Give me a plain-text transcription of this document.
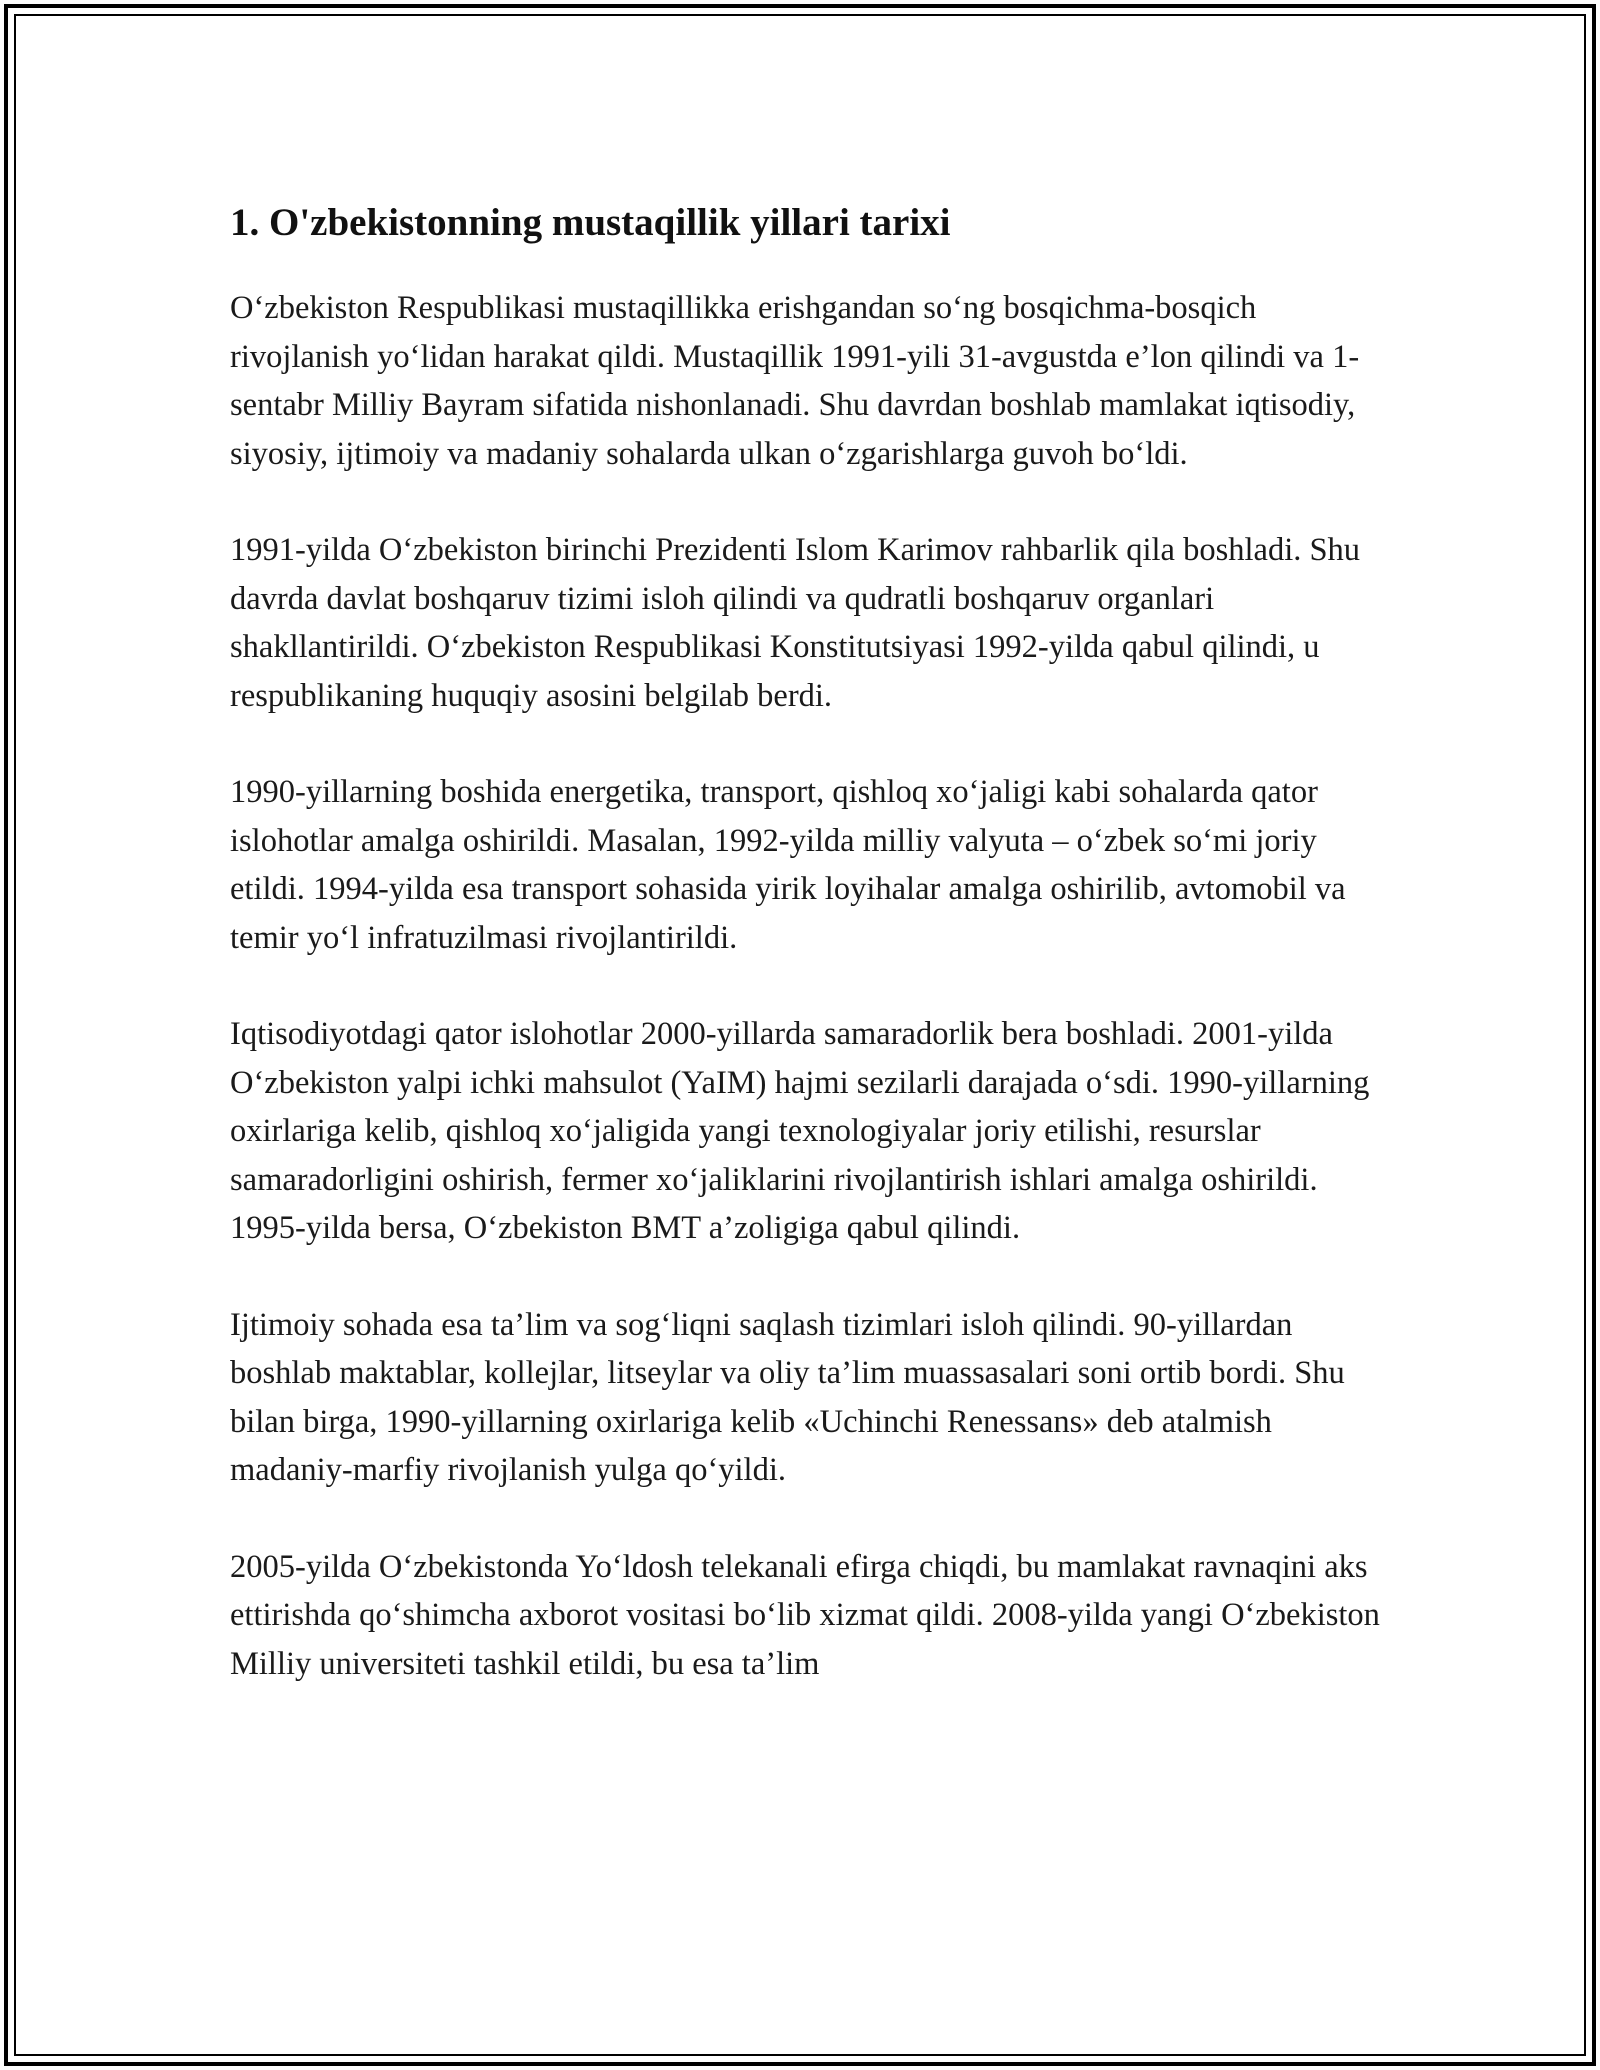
1. O'zbekistonning mustaqillik yillari tarixi

O‘zbekiston Respublikasi mustaqillikka erishgandan so‘ng bosqichma-bosqich rivojlanish yo‘lidan harakat qildi. Mustaqillik 1991-yili 31-avgustda e’lon qilindi va 1-sentabr Milliy Bayram sifatida nishonlanadi. Shu davrdan boshlab mamlakat iqtisodiy, siyosiy, ijtimoiy va madaniy sohalarda ulkan o‘zgarishlarga guvoh bo‘ldi.

1991-yilda O‘zbekiston birinchi Prezidenti Islom Karimov rahbarlik qila boshladi. Shu davrda davlat boshqaruv tizimi isloh qilindi va qudratli boshqaruv organlari shakllantirildi. O‘zbekiston Respublikasi Konstitutsiyasi 1992-yilda qabul qilindi, u respublikaning huquqiy asosini belgilab berdi.

1990-yillarning boshida energetika, transport, qishloq xo‘jaligi kabi sohalarda qator islohotlar amalga oshirildi. Masalan, 1992-yilda milliy valyuta – o‘zbek so‘mi joriy etildi. 1994-yilda esa transport sohasida yirik loyihalar amalga oshirilib, avtomobil va temir yo‘l infratuzilmasi rivojlantirildi.

Iqtisodiyotdagi qator islohotlar 2000-yillarda samaradorlik bera boshladi. 2001-yilda O‘zbekiston yalpi ichki mahsulot (YaIM) hajmi sezilarli darajada o‘sdi. 1990-yillarning oxirlariga kelib, qishloq xo‘jaligida yangi texnologiyalar joriy etilishi, resurslar samaradorligini oshirish, fermer xo‘jaliklarini rivojlantirish ishlari amalga oshirildi. 1995-yilda bersa, O‘zbekiston BMT a’zoligiga qabul qilindi.

Ijtimoiy sohada esa ta’lim va sog‘liqni saqlash tizimlari isloh qilindi. 90-yillardan boshlab maktablar, kollejlar, litseylar va oliy ta’lim muassasalari soni ortib bordi. Shu bilan birga, 1990-yillarning oxirlariga kelib «Uchinchi Renessans» deb atalmish madaniy-marfiy rivojlanish yulga qo‘yildi.

2005-yilda O‘zbekistonda Yo‘ldosh telekanali efirga chiqdi, bu mamlakat ravnaqini aks ettirishda qo‘shimcha axborot vositasi bo‘lib xizmat qildi. 2008-yilda yangi O‘zbekiston Milliy universiteti tashkil etildi, bu esa ta’lim
